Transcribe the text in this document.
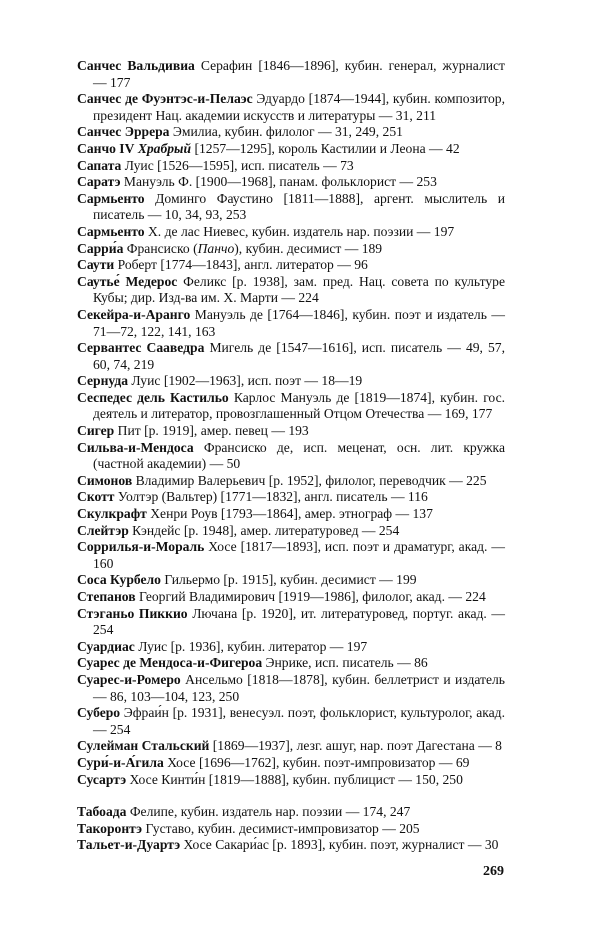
Санчес Вальдивиа Серафин [1846—1896], кубин. генерал, журналист — 177

Санчес де Фуэнтэс-и-Пелаэс Эдуардо [1874—1944], кубин. композитор, президент Нац. академии искусств и литературы — 31, 211

Санчес Эррера Эмилиа, кубин. филолог — 31, 249, 251

Санчо IV Храбрый [1257—1295], король Кастилии и Леона — 42

Сапата Луис [1526—1595], исп. писатель — 73

Саратэ Мануэль Ф. [1900—1968], панам. фольклорист — 253

Сармьенто Доминго Фаустино [1811—1888], аргент. мыслитель и писатель — 10, 34, 93, 253

Сармьенто Х. де лас Ниевес, кубин. издатель нар. поэзии — 197

Сарри́а Франсиско (Панчо), кубин. десимист — 189

Саути Роберт [1774—1843], англ. литератор — 96

Саутье́ Медерос Феликс [р. 1938], зам. пред. Нац. совета по культуре Кубы; дир. Изд-ва им. Х. Марти — 224

Секейра-и-Аранго Мануэль де [1764—1846], кубин. поэт и издатель — 71—72, 122, 141, 163

Сервантес Сааведра Мигель де [1547—1616], исп. писатель — 49, 57, 60, 74, 219

Сернуда Луис [1902—1963], исп. поэт — 18—19

Сеспедес дель Кастильо Карлос Мануэль де [1819—1874], кубин. гос. деятель и литератор, провозглашенный Отцом Отечества — 169, 177

Сигер Пит [р. 1919], амер. певец — 193

Сильва-и-Мендоса Франсиско де, исп. меценат, осн. лит. кружка (частной академии) — 50

Симонов Владимир Валерьевич [р. 1952], филолог, переводчик — 225

Скотт Уолтэр (Вальтер) [1771—1832], англ. писатель — 116

Скулкрафт Хенри Роув [1793—1864], амер. этнограф — 137

Слейтэр Кэндейс [р. 1948], амер. литературовед — 254

Соррилья-и-Мораль Хосе [1817—1893], исп. поэт и драматург, акад. — 160

Соса Курбело Гильермо [р. 1915], кубин. десимист — 199

Степанов Георгий Владимирович [1919—1986], филолог, акад. — 224

Стэганьо Пиккио Лючана [р. 1920], ит. литературовед, португ. акад. — 254

Суардиас Луис [р. 1936], кубин. литератор — 197

Суарес де Мендоса-и-Фигероа Энрике, исп. писатель — 86

Суарес-и-Ромеро Ансельмо [1818—1878], кубин. беллетрист и издатель — 86, 103—104, 123, 250

Суберо Эфраи́н [р. 1931], венесуэл. поэт, фольклорист, культуролог, акад. — 254

Сулейман Стальский [1869—1937], лезг. ашуг, нар. поэт Дагестана — 8

Сури́-и-А́гила Хосе [1696—1762], кубин. поэт-импровизатор — 69

Сусартэ Хосе Кинти́н [1819—1888], кубин. публицист — 150, 250

Табоада Фелипе, кубин. издатель нар. поэзии — 174, 247

Такоронтэ Густаво, кубин. десимист-импровизатор — 205

Тальет-и-Дуартэ Хосе Сакари́ас [р. 1893], кубин. поэт, журналист — 30

269
